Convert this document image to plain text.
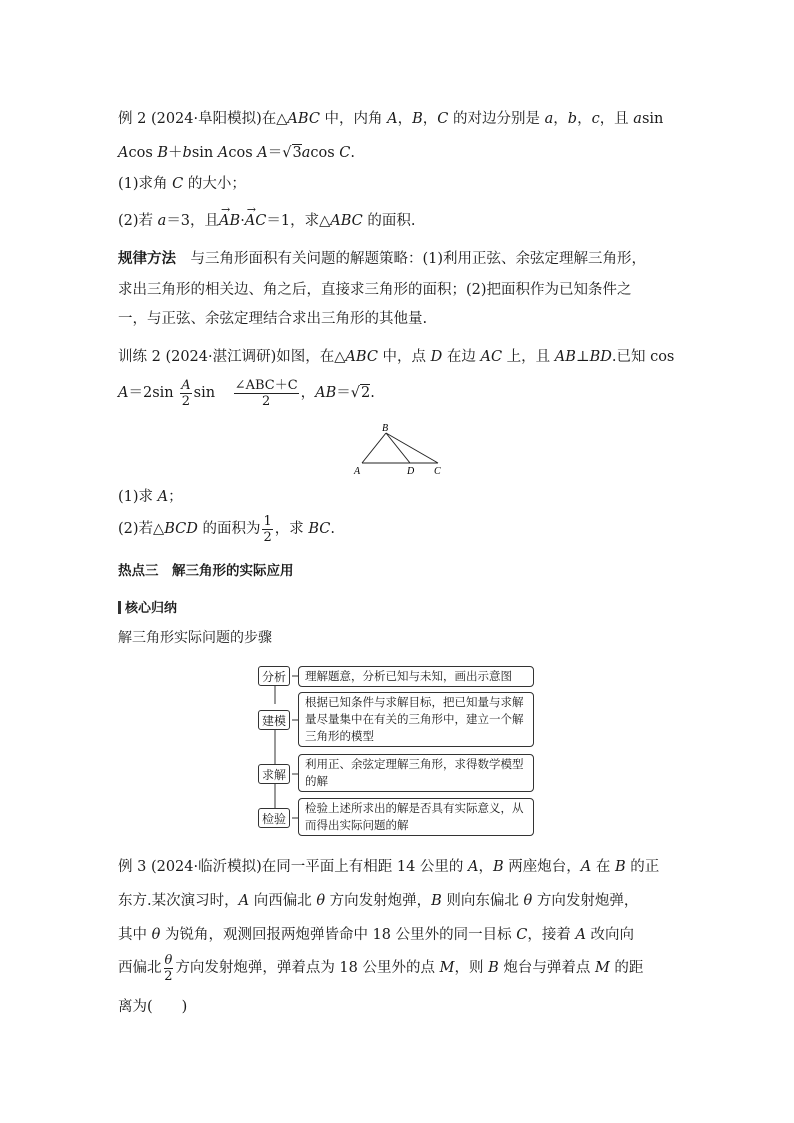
例 2 (2024·阜阳模拟)在△ABC 中，内角 A，B，C 的对边分别是 a，b，c，且 asin
Acos B＋bsin Acos A＝√3acos C.
(1)求角 C 的大小；
(2)若 a＝3，且→ AB·→ AC＝1，求△ABC 的面积.
规律方法　与三角形面积有关问题的解题策略：(1)利用正弦、余弦定理解三角形，
求出三角形的相关边、角之后，直接求三角形的面积；(2)把面积作为已知条件之
一，与正弦、余弦定理结合求出三角形的其他量.
训练 2 (2024·湛江调研)如图，在△ABC 中，点 D 在边 AC 上，且 AB⊥BD.已知 cos
$A=2\sin \frac{A}{2}$ $\sin \frac{\text{∠ABC＋C}}{2}$ ，AB＝√2.
A
B
C
D
(1)求 A；
(2)若△BCD 的面积为 $\frac{1}{2}$ ，求 BC.
热点三　解三角形的实际应用
核心归纳
解三角形实际问题的步骤
分析	理解题意，分析已知与未知，画出示意图
建模
根据已知条件与求解目标，把已知量与求解量尽量集中在有关的三角形中，建立一个解三角形的模型
求解
利用正、余弦定理解三角形，求得数学模型的解
检验
检验上述所求出的解是否具有实际意义，从而得出实际问题的解
例 3 (2024·临沂模拟)在同一平面上有相距 14 公里的 A，B 两座炮台，A 在 B 的正
东方.某次演习时，A 向西偏北 θ 方向发射炮弹，B 则向东偏北 θ 方向发射炮弹，
其中 θ 为锐角，观测回报两炮弹皆命中 18 公里外的同一目标 C，接着 A 改向向
西偏北 $\frac{\theta}{2}$ 方向发射炮弹，弹着点为 18 公里外的点 M，则 B 炮台与弹着点 M 的距
离为(　　)
